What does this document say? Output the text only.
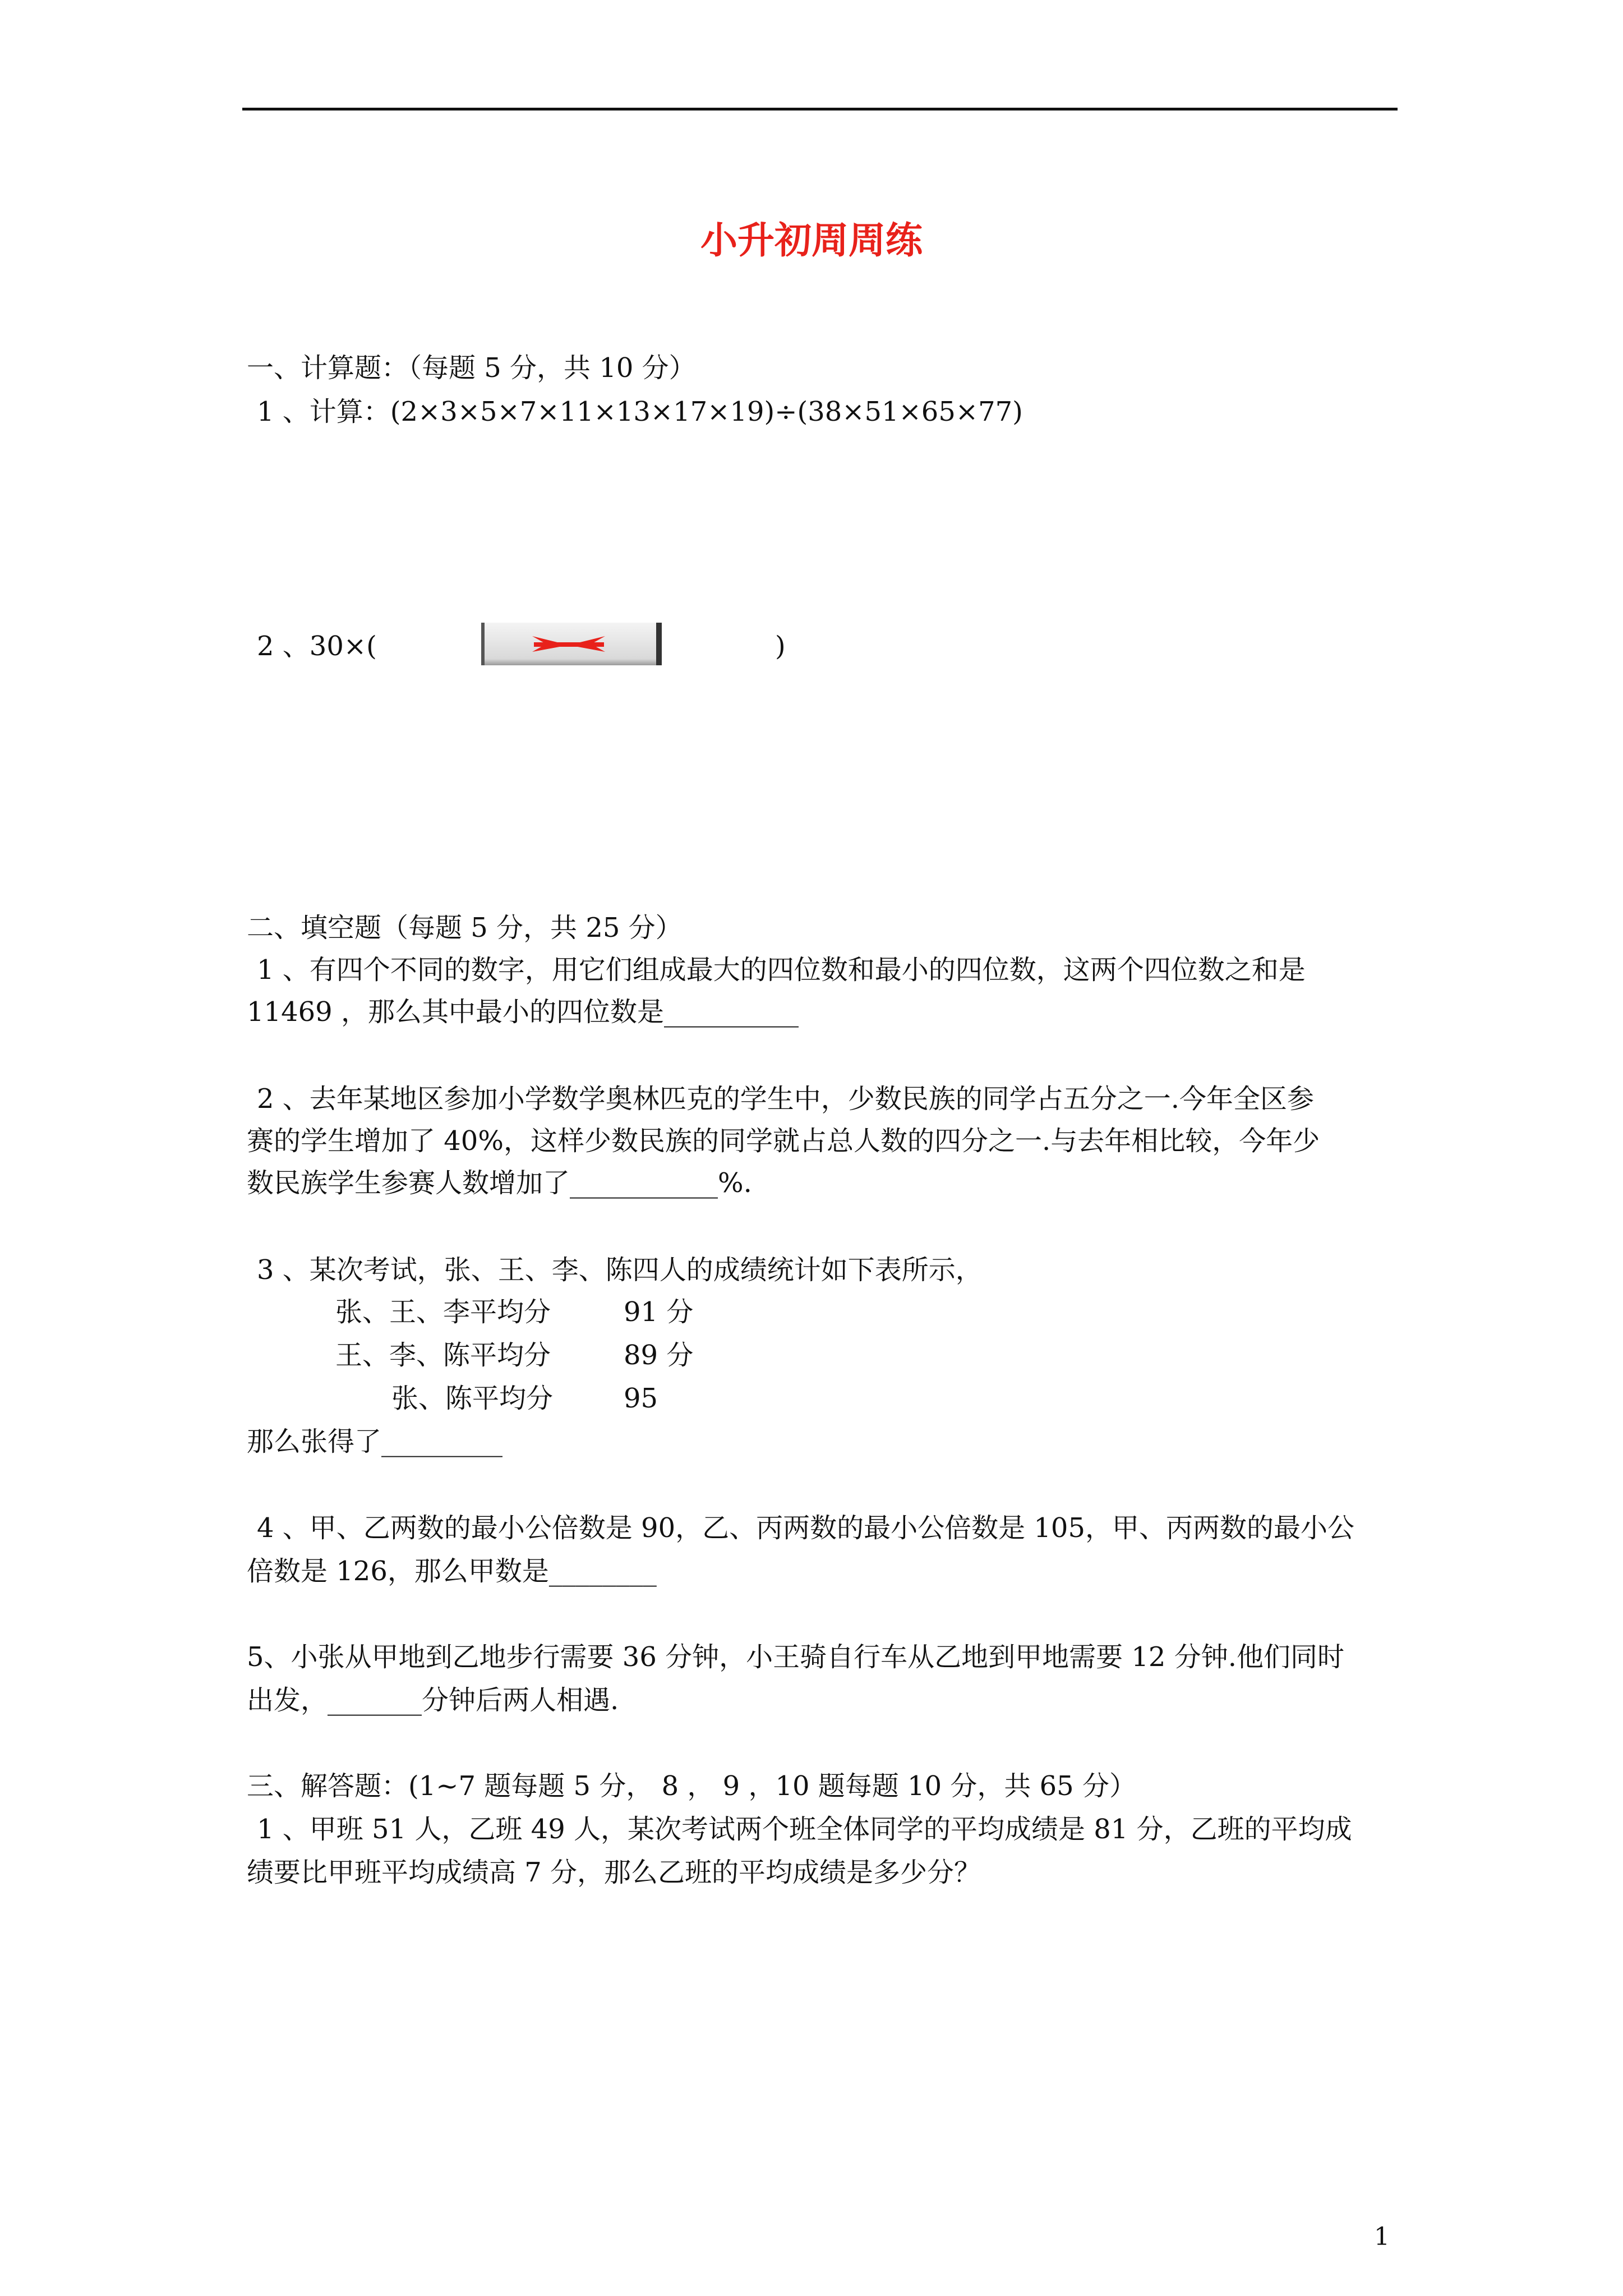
小升初周周练
一、计算题：（每题 5 分，共 10 分）
1 、计算：(2×3×5×7×11×13×17×19)÷(38×51×65×77)
2 、30×(	)
二、填空题（每题 5 分，共 25 分）
1 、有四个不同的数字，用它们组成最大的四位数和最小的四位数，这两个四位数之和是
11469 ，那么其中最小的四位数是__________
2 、去年某地区参加小学数学奥林匹克的学生中，少数民族的同学占五分之一.今年全区参
赛的学生增加了 40%，这样少数民族的同学就占总人数的四分之一.与去年相比较，今年少
数民族学生参赛人数增加了___________%.
3 、某次考试，张、王、李、陈四人的成绩统计如下表所示，
张、王、李平均分	91 分
王、李、陈平均分	89 分
张、陈平均分	95
那么张得了_________
4 、甲、乙两数的最小公倍数是 90，乙、丙两数的最小公倍数是 105，甲、丙两数的最小公
倍数是 126，那么甲数是________
5、小张从甲地到乙地步行需要 36 分钟，小王骑自行车从乙地到甲地需要 12 分钟.他们同时
出发，_______分钟后两人相遇.
三、解答题：(1~7 题每题 5 分， 8 ， 9 ，10 题每题 10 分，共 65 分）
1 、甲班 51 人，乙班 49 人，某次考试两个班全体同学的平均成绩是 81 分，乙班的平均成
绩要比甲班平均成绩高 7 分，那么乙班的平均成绩是多少分？
1
